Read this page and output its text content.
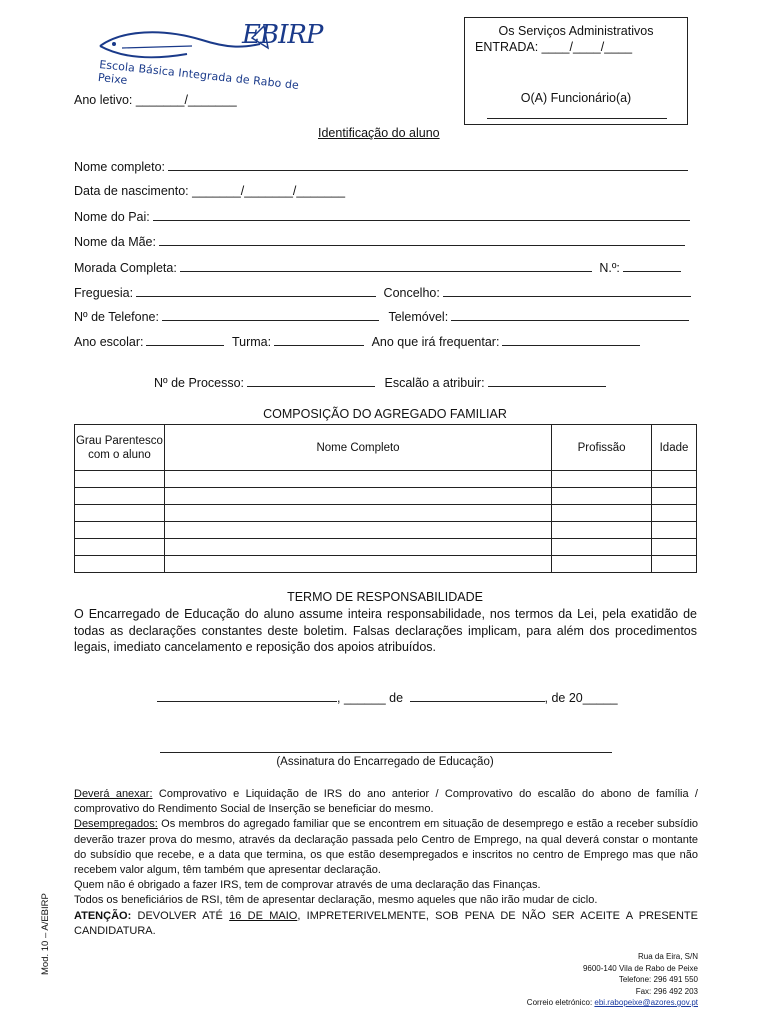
EBIRP
Escola Básica Integrada de Rabo de Peixe
Os Serviços Administrativos
ENTRADA: ____/____/____
O(A) Funcionário(a)
Ano letivo: _______/_______
Identificação do aluno
Nome completo:
Data de nascimento: _______/_______/_______
Nome do Pai:
Nome da Mãe:
Morada Completa:	N.º:
Freguesia:	Concelho:
Nº de Telefone:	Telemóvel:
Ano escolar:	Turma:	Ano que irá frequentar:
Nº de Processo:	Escalão a atribuir:
COMPOSIÇÃO DO AGREGADO FAMILIAR
Grau Parentesco com o aluno	Nome Completo	Profissão	Idade

TERMO DE RESPONSABILIDADE
O Encarregado de Educação do aluno assume inteira responsabilidade, nos termos da Lei, pela exatidão de todas as declarações constantes deste boletim. Falsas declarações implicam, para além dos procedimentos legais, imediato cancelamento e reposição dos apoios atribuídos.
, ______ de	, de 20_____
(Assinatura do Encarregado de Educação)

Deverá anexar: Comprovativo e Liquidação de IRS do ano anterior / Comprovativo do escalão do abono de família / comprovativo do Rendimento Social de Inserção se beneficiar do mesmo.

Desempregados: Os membros do agregado familiar que se encontrem em situação de desemprego e estão a receber subsídio deverão trazer prova do mesmo, através da declaração passada pelo Centro de Emprego, na qual deverá constar o montante do subsídio que recebe, e a data que termina, os que estão desempregados e inscritos no centro de Emprego mas que não recebem valor algum, têm também que apresentar declaração.

Quem não é obrigado a fazer IRS, tem de comprovar através de uma declaração das Finanças.

Todos os beneficiários de RSI, têm de apresentar declaração, mesmo aqueles que não irão mudar de ciclo.

ATENÇÃO: DEVOLVER ATÉ 16 DE MAIO, IMPRETERIVELMENTE, SOB PENA DE NÃO SER ACEITE A PRESENTE CANDIDATURA.

Mod. 10 – A/EBIRP	Rua da Eira, S/N
9600-140 Vila de Rabo de Peixe
Telefone: 296 491 550
Fax: 296 492 203
Correio eletrónico: ebi.rabopeixe@azores.gov.pt
